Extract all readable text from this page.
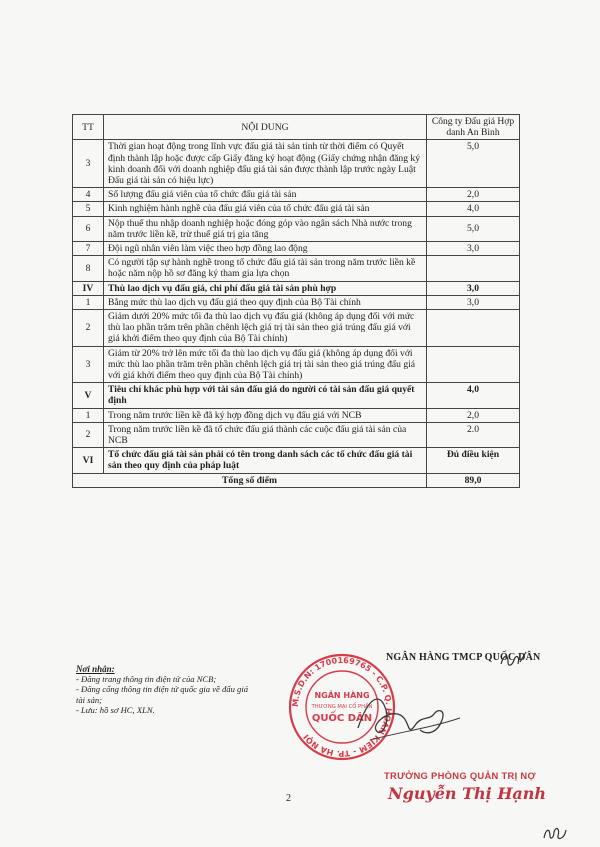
TT	NỘI DUNG	Công ty Đấu giá Hợp danh An Bình
3	Thời gian hoạt động trong lĩnh vực đấu giá tài sản tính từ thời điểm có Quyết định thành lập hoặc được cấp Giấy đăng ký hoạt động (Giấy chứng nhận đăng ký kinh doanh đối với doanh nghiệp đấu giá tài sản được thành lập trước ngày Luật Đấu giá tài sản có hiệu lực)	5,0
4	Số lượng đấu giá viên của tổ chức đấu giá tài sản	2,0
5	Kinh nghiệm hành nghề của đấu giá viên của tổ chức đấu giá tài sản	4,0
6	Nộp thuế thu nhập doanh nghiệp hoặc đóng góp vào ngân sách Nhà nước trong năm trước liền kề, trừ thuế giá trị gia tăng	5,0
7	Đội ngũ nhân viên làm việc theo hợp đồng lao động	3,0
8	Có người tập sự hành nghề trong tổ chức đấu giá tài sản trong năm trước liền kề hoặc năm nộp hồ sơ đăng ký tham gia lựa chọn	
IV	Thù lao dịch vụ đấu giá, chi phí đấu giá tài sản phù hợp	3,0
1	Bằng mức thù lao dịch vụ đấu giá theo quy định của Bộ Tài chính	3,0
2	Giảm dưới 20% mức tối đa thù lao dịch vụ đấu giá (không áp dụng đối với mức thù lao phần trăm trên phần chênh lệch giá trị tài sản theo giá trúng đấu giá với giá khởi điểm theo quy định của Bộ Tài chính)	
3	Giảm từ 20% trở lên mức tối đa thù lao dịch vụ đấu giá (không áp dụng đối với mức thù lao phần trăm trên phần chênh lệch giá trị tài sản theo giá trúng đấu giá với giá khởi điểm theo quy định của Bộ Tài chính)	
V	Tiêu chí khác phù hợp với tài sản đấu giá do người có tài sản đấu giá quyết định	4,0
1	Trong năm trước liền kề đã ký hợp đồng dịch vụ đấu giá với NCB	2,0
2	Trong năm trước liền kề đã tổ chức đấu giá thành các cuộc đấu giá tài sản của NCB	2.0
VI	Tổ chức đấu giá tài sản phải có tên trong danh sách các tổ chức đấu giá tài sản theo quy định của pháp luật	Đủ điều kiện
Tổng số điểm		89,0
Nơi nhận:
- Đăng trang thông tin điện tử của NCB;
- Đăng cổng thông tin điện tử quốc gia về đấu giá tài sản;
- Lưu: hồ sơ HC, XLN.
M.S.D.N: 1700169765 - C.P. Q. HOÀN KIẾM - TP. HÀ NỘI
NGÂN HÀNG
THƯƠNG MẠI CỔ PHẦN
QUỐC DÂN
NGÂN HÀNG TMCP QUỐC DÂN
TRƯỞNG PHÒNG QUẢN TRỊ NỢ
Nguyễn Thị Hạnh
2
